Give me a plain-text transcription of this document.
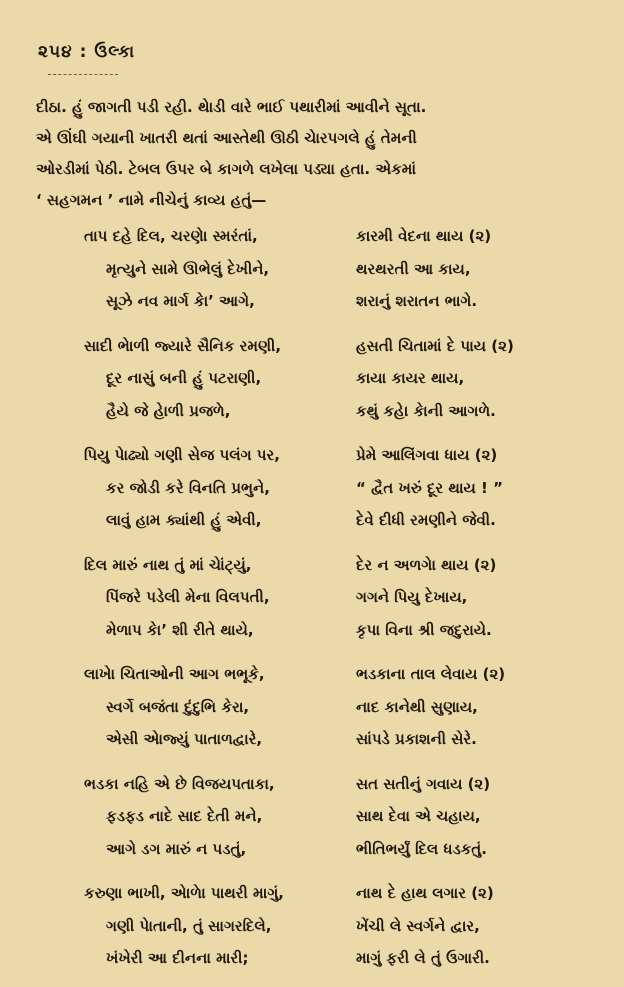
૨૫૪ : ઉલ્કા
દીઠા. હું જાગતી પડી રહી. થેાડી વારે ભાઈ પથારીમાં આવીને સૂતા.
એ ઊંઘી ગયાની ખાતરી થતાં આસ્તેથી ઊઠી ચેારપગલે હું તેમની
ઓરડીમાં પેઠી. ટેબલ ઉપર બે કાગળે લખેલા પડ્યા હતા. એકમાં
‘ સહગમન ’ નામે નીચેનું કાવ્ય હતું—
તાપ દહે દિલ, ચરણેા સ્મરંતાં,	કારમી વેદના થાય (૨)
મૃત્યુને સામે ઊભેલું દેખીને,	થરથરતી આ કાય,
સૂઝે નવ માર્ગ કેા’ આગે,	શરાનું શરાતન ભાગે.
સાદી ભેાળી જ્યારે સૈનિક રમણી,	હસતી ચિતામાં દે પાય (૨)
દૂર નાસું બની હું પટરાણી,	કાયા કાયર થાય,
હૈયે જે હેાળી પ્રજળે,	કથું કહેા કેાની આગળે.
પિયુ પેાઢ્યો ગણી સેજ પલંગ પર,	પ્રેમે આલિંગવા ધાય (૨)
કર જોડી કરે વિનતિ પ્રભુને,	“ દ્વૈત ખરું દૂર થાય ! ”
લાવું હામ ક્યાંથી હું એવી,	દેવે દીધી રમણીને જેવી.
દિલ મારું નાથ તું માં ચેાંટ્યું,	દેર ન અળગેા થાય (૨)
પિંજરે પડેલી મેના વિલપતી,	ગગને પિયુ દેખાય,
મેળાપ કેા’ શી રીતે થાયે,	કૃપા વિના શ્રી જદુરાયે.
લાખેા ચિતાઓની આગ ભભૂકે,	ભડકાના તાલ લેવાય (૨)
સ્વર્ગે બજંતા દુંદુભિ કેરા,	નાદ કાનેથી સુણાય,
એસી એાજ્યું પાતાળદ્વારે,	સાંપડે પ્રકાશની સેરે.
ભડકા નહિ એ છે વિજયપતાકા,	સત સતીનું ગવાય (૨)
ફડફડ નાદે સાદ દેતી મને,	સાથ દેવા એ ચહાય,
આગે ડગ મારું ન પડતું,	ભીતિભર્યું દિલ ધડકતું.
કરુણા ભાખી, એાળેા પાથરી માગું,	નાથ દે હાથ લગાર (૨)
ગણી પેાતાની, તું સાગરદિલે,	ખેંચી લે સ્વર્ગને દ્વાર,
ખંખેરી આ દીનના મારી;	માગું ફરી લે તું ઉગારી.
